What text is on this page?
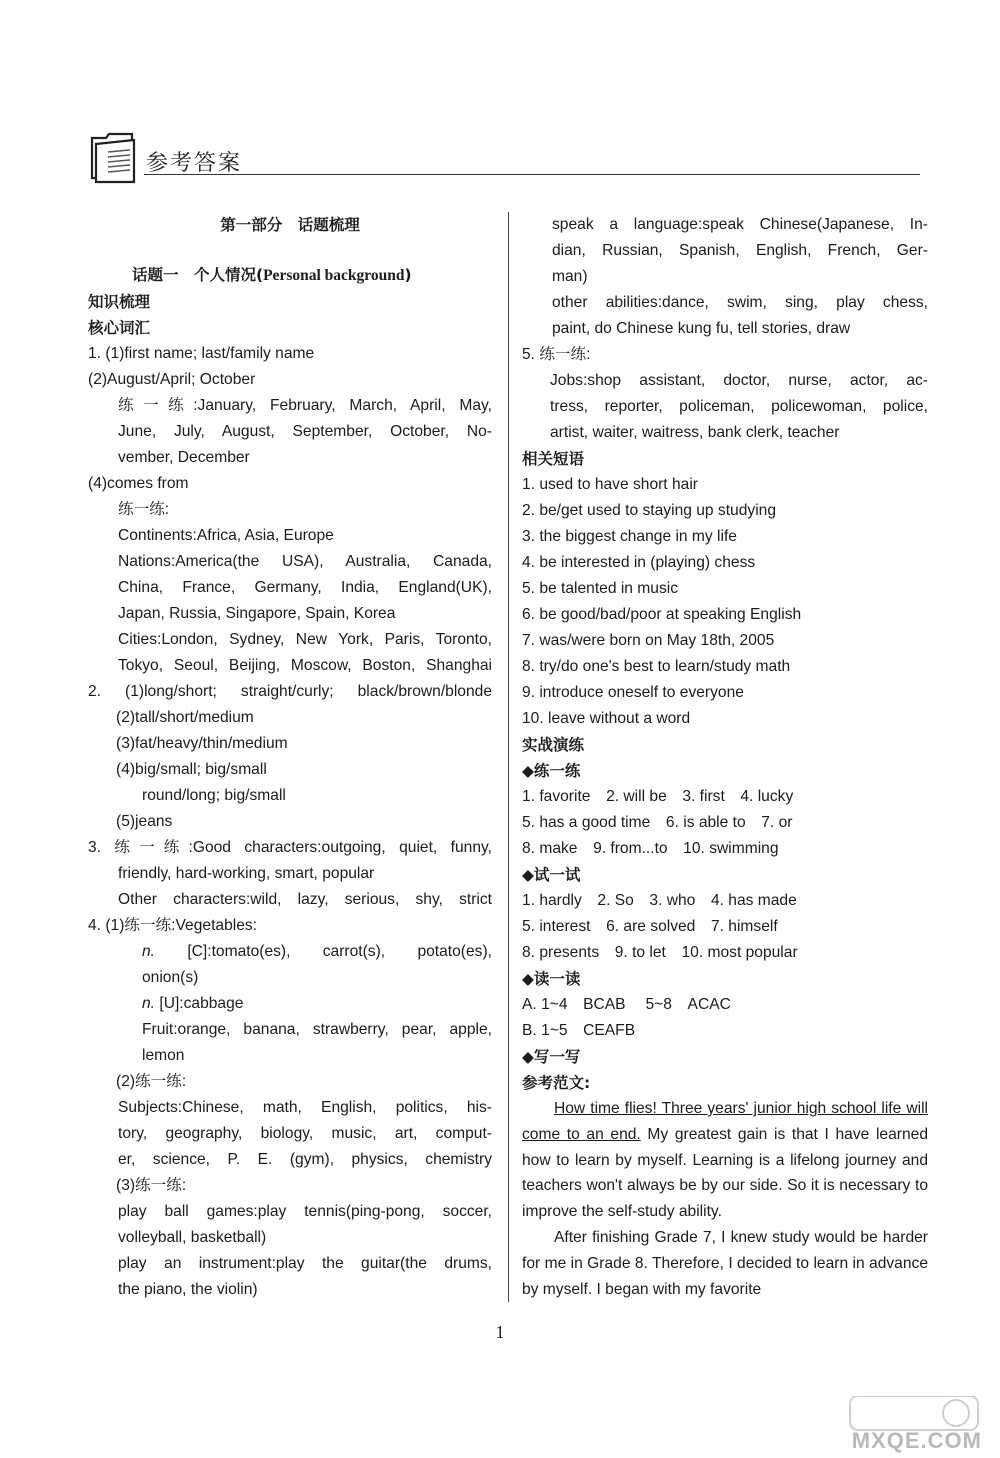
参考答案
第一部分　话题梳理
话题一　个人情况(Personal background)
知识梳理
核心词汇
1. (1)first name; last/family name
(2)August/April; October
练一练:January, February, March, April, May,
June, July, August, September, October, No-
vember, December
(4)comes from
练一练:
Continents:Africa, Asia, Europe
Nations:America(the USA), Australia, Canada,
China, France, Germany, India, England(UK),
Japan, Russia, Singapore, Spain, Korea
Cities:London, Sydney, New York, Paris, Toronto,
Tokyo, Seoul, Beijing, Moscow, Boston, Shanghai
2. (1)long/short; straight/curly; black/brown/blonde
(2)tall/short/medium
(3)fat/heavy/thin/medium
(4)big/small; big/small
round/long; big/small
(5)jeans
3. 练一练:Good characters:outgoing, quiet, funny,
friendly, hard-working, smart, popular
Other characters:wild, lazy, serious, shy, strict
4. (1)练一练:Vegetables:
n. [C]:tomato(es), carrot(s), potato(es),
onion(s)
n. [U]:cabbage
Fruit:orange, banana, strawberry, pear, apple,
lemon
(2)练一练:
Subjects:Chinese, math, English, politics, his-
tory, geography, biology, music, art, comput-
er, science, P. E. (gym), physics, chemistry
(3)练一练:
play ball games:play tennis(ping-pong, soccer,
volleyball, basketball)
play an instrument:play the guitar(the drums,
the piano, the violin)
speak a language:speak Chinese(Japanese, In-
dian, Russian, Spanish, English, French, Ger-
man)
other abilities:dance, swim, sing, play chess,
paint, do Chinese kung fu, tell stories, draw
5. 练一练:
Jobs:shop assistant, doctor, nurse, actor, ac-
tress, reporter, policeman, policewoman, police,
artist, waiter, waitress, bank clerk, teacher
相关短语
1. used to have short hair
2. be/get used to staying up studying
3. the biggest change in my life
4. be interested in (playing) chess
5. be talented in music
6. be good/bad/poor at speaking English
7. was/were born on May 18th, 2005
8. try/do one's best to learn/study math
9. introduce oneself to everyone
10. leave without a word
实战演练
◆练一练
1. favorite　2. will be　3. first　4. lucky
5. has a good time　6. is able to　7. or
8. make　9. from...to　10. swimming
◆试一试
1. hardly　2. So　3. who　4. has made
5. interest　6. are solved　7. himself
8. presents　9. to let　10. most popular
◆读一读
A. 1~4　BCAB　 5~8　ACAC
B. 1~5　CEAFB
◆写一写
参考范文:

How time flies! Three years' junior high school life will come to an end. My greatest gain is that I have learned how to learn by myself. Learning is a lifelong journey and teachers won't always be by our side. So it is necessary to improve the self-study ability.

After finishing Grade 7, I knew study would be harder for me in Grade 8. Therefore, I decided to learn in advance by myself. I began with my favorite

1
MXQE.COM
